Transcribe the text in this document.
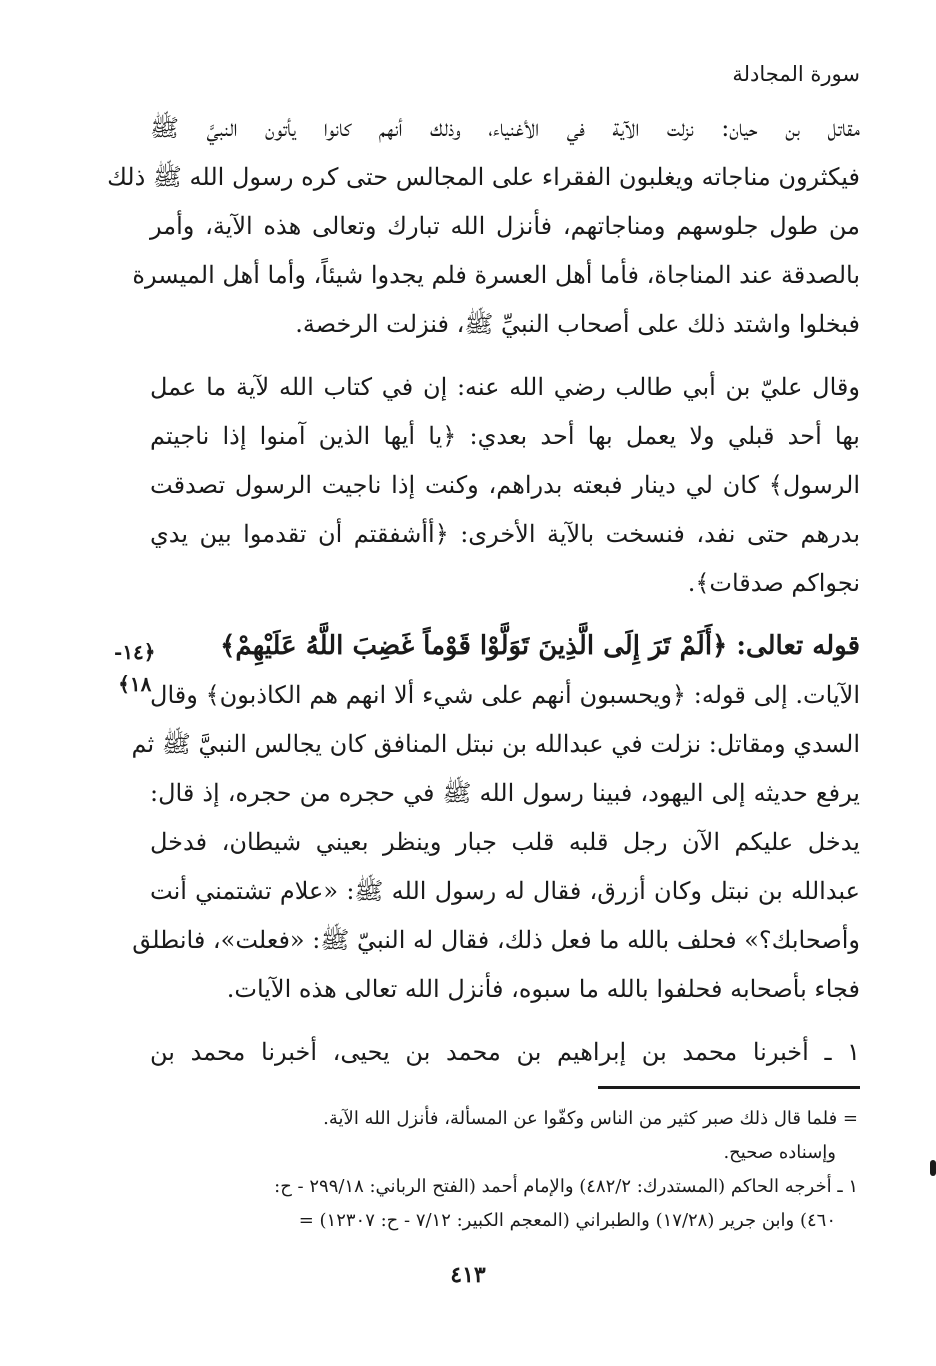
سورة المجادلة
مقاتل بن حيان: نزلت الآية في الأغنياء، وذلك أنهم كانوا يأتون النبيَّ ﷺ
فيكثرون مناجاته ويغلبون الفقراء على المجالس حتى كره رسول الله ﷺ ذلك
من طول جلوسهم ومناجاتهم، فأنزل الله تبارك وتعالى هذه الآية، وأمر
بالصدقة عند المناجاة، فأما أهل العسرة فلم يجدوا شيئاً، وأما أهل الميسرة
فبخلوا واشتد ذلك على أصحاب النبيِّ ﷺ، فنزلت الرخصة.
وقال عليّ بن أبي طالب رضي الله عنه: إن في كتاب الله لآية ما عمل
بها أحد قبلي ولا يعمل بها أحد بعدي: ﴿يا أيها الذين آمنوا إذا ناجيتم
الرسول﴾ كان لي دينار فبعته بدراهم، وكنت إذا ناجيت الرسول تصدقت
بدرهم حتى نفد، فنسخت بالآية الأخرى: ﴿أأشفقتم أن تقدموا بين يدي
نجواكم صدقات﴾.
قوله تعالى: ﴿أَلَمْ تَرَ إِلَى الَّذِينَ تَوَلَّوْا قَوْماً غَضِبَ اللَّهُ عَلَيْهِمْ﴾
الآيات. إلى قوله: ﴿ويحسبون أنهم على شيء ألا انهم هم الكاذبون﴾ وقال
السدي ومقاتل: نزلت في عبدالله بن نبتل المنافق كان يجالس النبيَّ ﷺ ثم
يرفع حديثه إلى اليهود، فبينا رسول الله ﷺ في حجره من حجره، إذ قال:
يدخل عليكم الآن رجل قلبه قلب جبار وينظر بعيني شيطان، فدخل
عبدالله بن نبتل وكان أزرق، فقال له رسول الله ﷺ: «علام تشتمني أنت
وأصحابك؟» فحلف بالله ما فعل ذلك، فقال له النبيّ ﷺ: «فعلت»، فانطلق
فجاء بأصحابه فحلفوا بالله ما سبوه، فأنزل الله تعالى هذه الآيات.
١ ـ أخبرنا محمد بن إبراهيم بن محمد بن يحيى، أخبرنا محمد بن
﴿١٤-
١٨﴾
= فلما قال ذلك صبر كثير من الناس وكفّوا عن المسألة، فأنزل الله الآية.
وإسناده صحيح.
١ ـ أخرجه الحاكم (المستدرك: ٤٨٢/٢) والإمام أحمد (الفتح الرباني: ٢٩٩/١٨ - ح:
٤٦٠) وابن جرير (١٧/٢٨) والطبراني (المعجم الكبير: ٧/١٢ - ح: ١٢٣٠٧) =
٤١٣
